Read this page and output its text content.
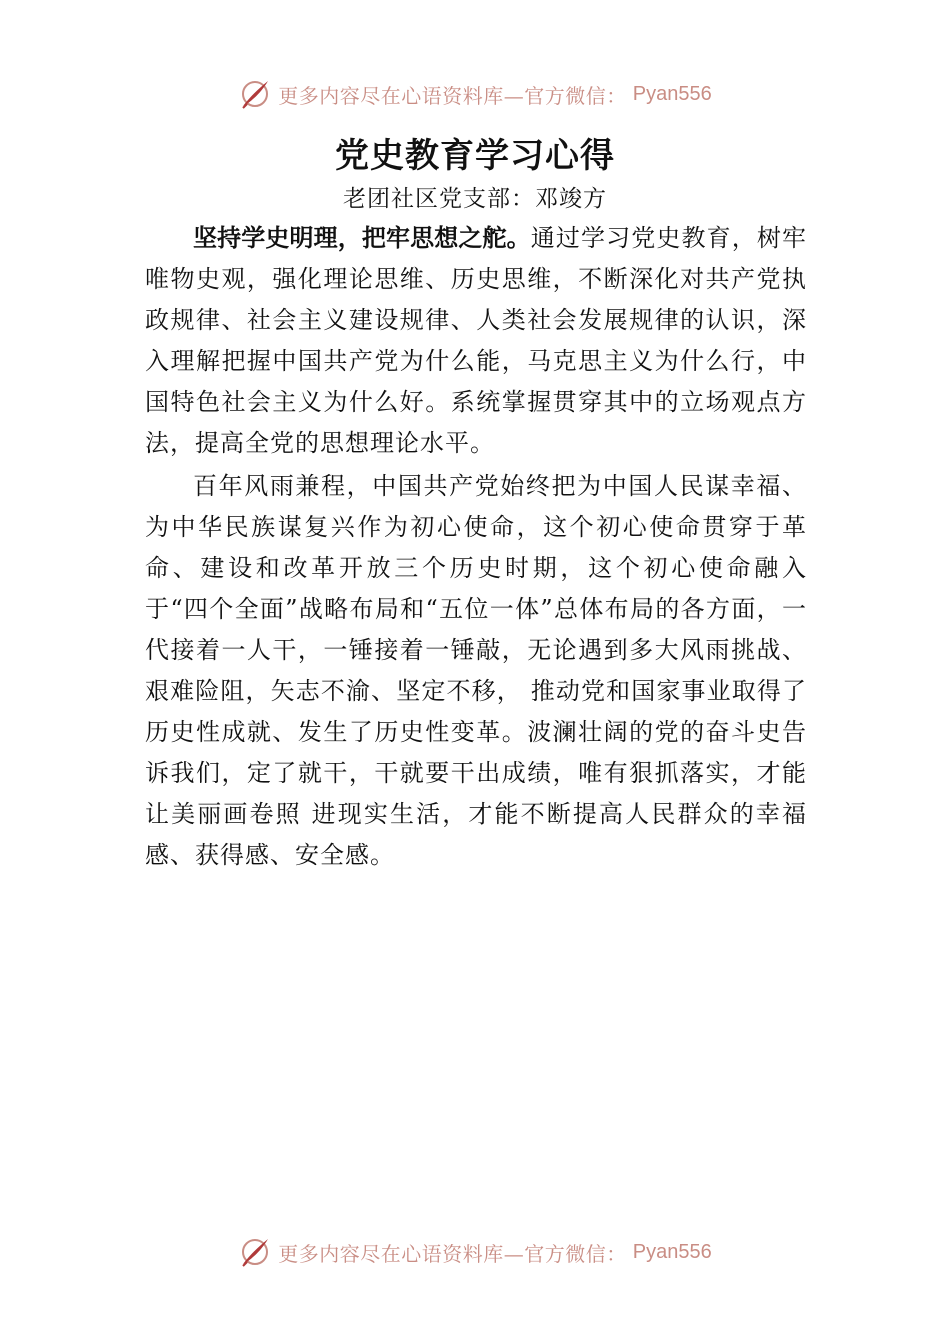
更多内容尽在心语资料库—官方微信： Pyan556
党史教育学习心得
老团社区党支部：邓竣方

坚持学史明理，把牢思想之舵。通过学习党史教育，树牢唯物史观，强化理论思维、历史思维，不断深化对共产党执政规律、社会主义建设规律、人类社会发展规律的认识，深入理解把握中国共产党为什么能，马克思主义为什么行，中国特色社会主义为什么好。系统掌握贯穿其中的立场观点方法，提高全党的思想理论水平。

百年风雨兼程，中国共产党始终把为中国人民谋幸福、为中华民族谋复兴作为初心使命，这个初心使命贯穿于革命、建设和改革开放三个历史时期，这个初心使命融入于“四个全面”战略布局和“五位一体”总体布局的各方面，一代接着一人干，一锤接着一锤敲，无论遇到多大风雨挑战、艰难险阻，矢志不渝、坚定不移， 推动党和国家事业取得了历史性成就、发生了历史性变革。波澜壮阔的党的奋斗史告诉我们，定了就干，干就要干出成绩，唯有狠抓落实，才能让美丽画卷照 进现实生活，才能不断提高人民群众的幸福感、获得感、安全感。

更多内容尽在心语资料库—官方微信： Pyan556
